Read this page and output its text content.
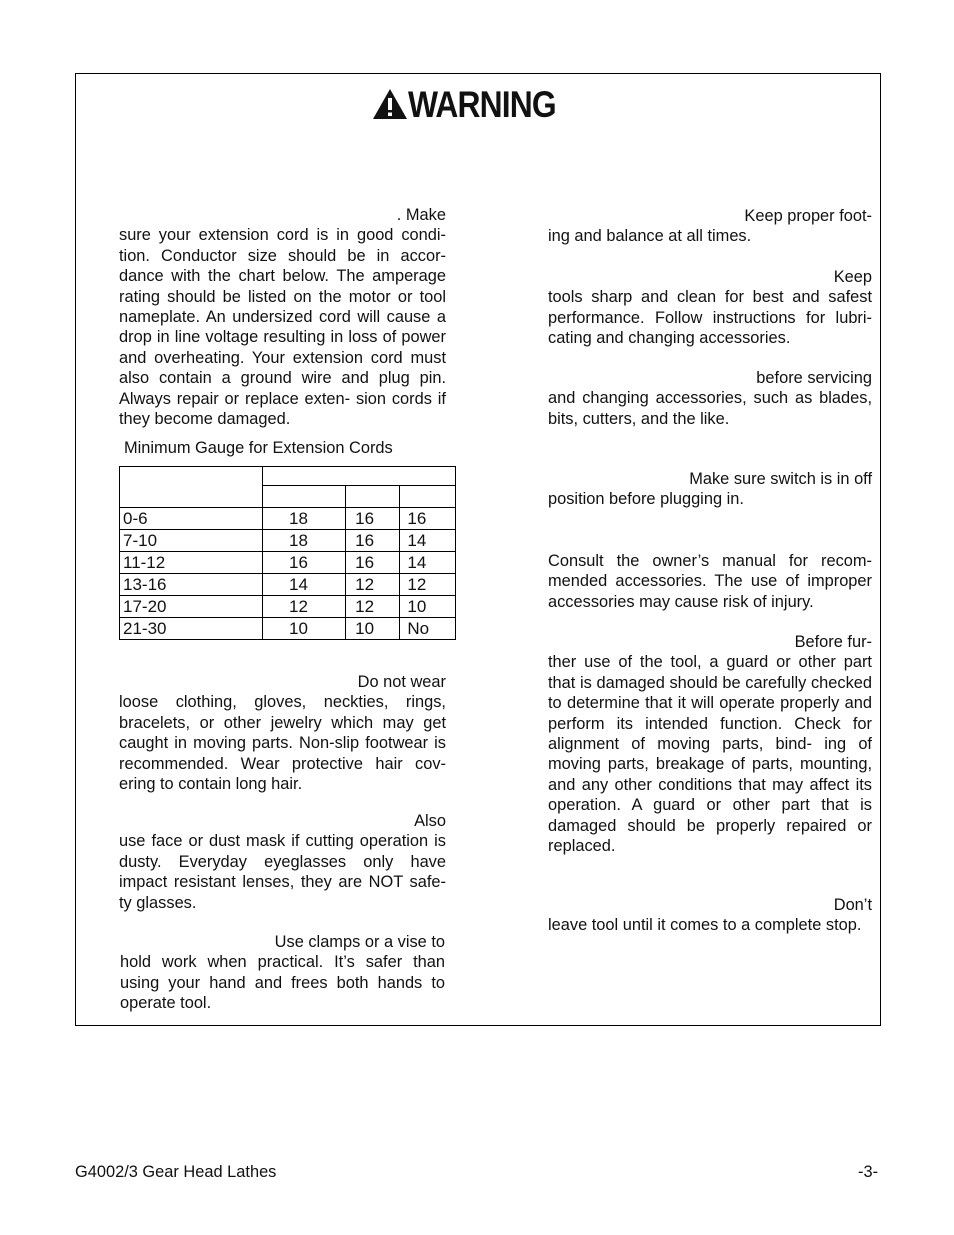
WARNING

. Make
sure your extension cord is in good condi- tion. Conductor size should be in accor- dance with the chart below. The amperage rating should be listed on the motor or tool nameplate. An undersized cord will cause a drop in line voltage resulting in loss of power and overheating. Your extension cord must also contain a ground wire and plug pin. Always repair or replace exten- sion cords if they become damaged.

Minimum Gauge for Extension Cords

0-6	18	16	16
7-10	18	16	14
11-12	16	16	14
13-16	14	12	12
17-20	12	12	10
21-30	10	10	No

Do not wear
loose clothing, gloves, neckties, rings, bracelets, or other jewelry which may get caught in moving parts. Non-slip footwear is recommended. Wear protective hair cov- ering to contain long hair.

Also
use face or dust mask if cutting operation is dusty. Everyday eyeglasses only have impact resistant lenses, they are NOT safe- ty glasses.

Use clamps or a vise to
hold work when practical. It’s safer than using your hand and frees both hands to operate tool.

Keep proper foot-
ing and balance at all times.

Keep
tools sharp and clean for best and safest performance. Follow instructions for lubri- cating and changing accessories.

before servicing
and changing accessories, such as blades, bits, cutters, and the like.

Make sure switch is in off
position before plugging in.

Consult the owner’s manual for recom- mended accessories. The use of improper accessories may cause risk of injury.

Before fur-
ther use of the tool, a guard or other part that is damaged should be carefully checked to determine that it will operate properly and perform its intended function. Check for alignment of moving parts, bind- ing of moving parts, breakage of parts, mounting, and any other conditions that may affect its operation. A guard or other part that is damaged should be properly repaired or replaced.

Don’t
leave tool until it comes to a complete stop.

G4002/3 Gear Head Lathes	-3-
